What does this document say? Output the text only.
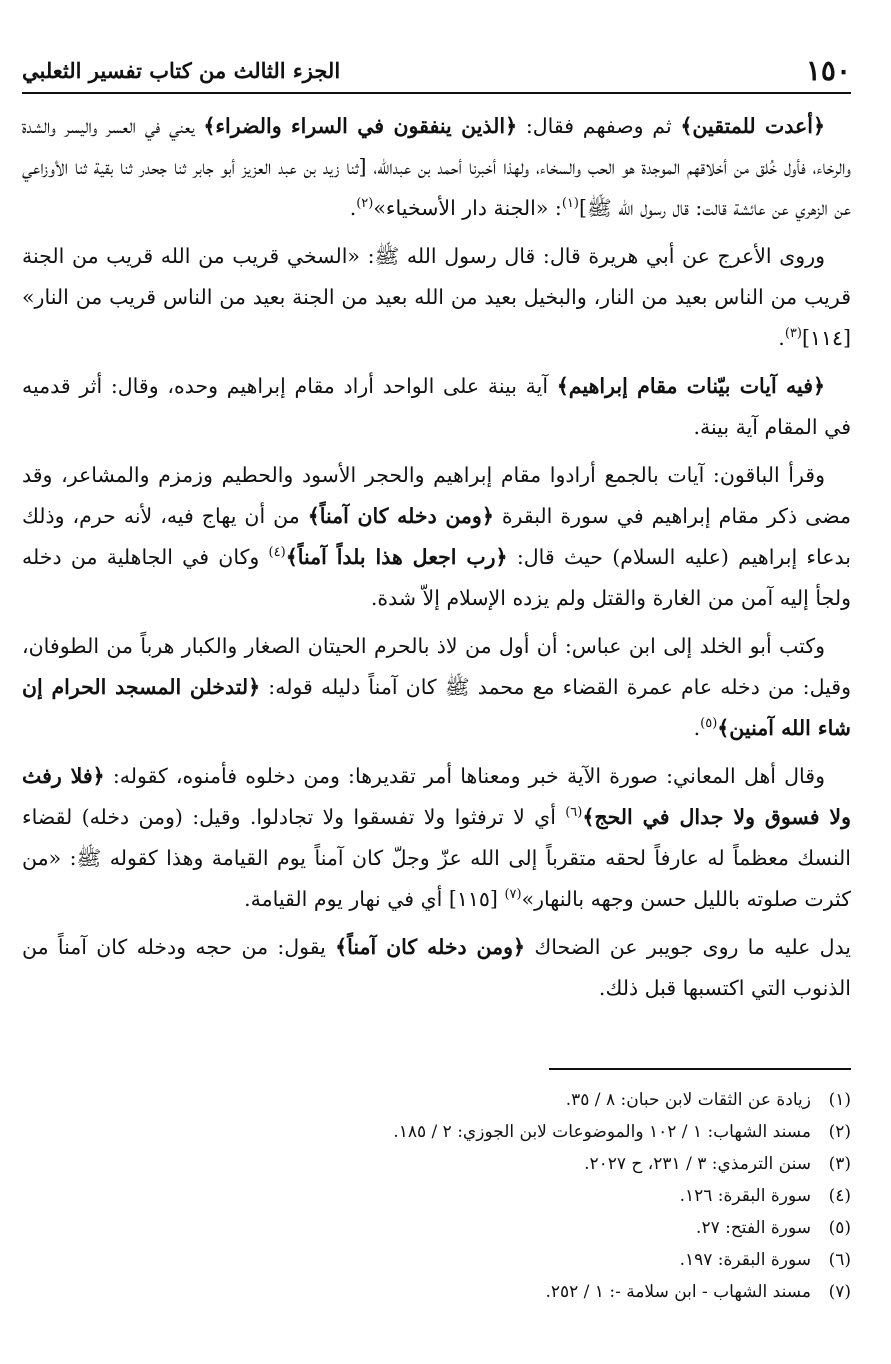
١٥٠
الجزء الثالث من كتاب تفسير الثعلبي

﴿أعدت للمتقين﴾ ثم وصفهم فقال: ﴿الذين ينفقون في السراء والضراء﴾ يعني في العسر واليسر والشدة والرخاء، فأول خُلق من أخلاقهم الموجدة هو الحب والسخاء، ولهذا أخبرنا أحمد بن عبدالله، [ثنا زيد بن عبد العزيز أبو جابر ثنا جحدر ثنا بقية ثنا الأوزاعي عن الزهري عن عائشة قالت: قال رسول الله ﷺ]$^{(١)}$: «الجنة دار الأسخياء»$^{(٢)}$.

وروى الأعرج عن أبي هريرة قال: قال رسول الله ﷺ: «السخي قريب من الله قريب من الجنة قريب من الناس بعيد من النار، والبخيل بعيد من الله بعيد من الجنة بعيد من الناس قريب من النار» [١١٤]$^{(٣)}$.

﴿فيه آيات بيّنات مقام إبراهيم﴾ آية بينة على الواحد أراد مقام إبراهيم وحده، وقال: أثر قدميه في المقام آية بينة.

وقرأ الباقون: آيات بالجمع أرادوا مقام إبراهيم والحجر الأسود والحطيم وزمزم والمشاعر، وقد مضى ذكر مقام إبراهيم في سورة البقرة ﴿ومن دخله كان آمناً﴾ من أن يهاج فيه، لأنه حرم، وذلك بدعاء إبراهيم (عليه السلام) حيث قال: ﴿رب اجعل هذا بلداً آمناً﴾$^{(٤)}$ وكان في الجاهلية من دخله ولجأ إليه آمن من الغارة والقتل ولم يزده الإسلام إلاّ شدة.

وكتب أبو الخلد إلى ابن عباس: أن أول من لاذ بالحرم الحيتان الصغار والكبار هرباً من الطوفان، وقيل: من دخله عام عمرة القضاء مع محمد ﷺ كان آمناً دليله قوله: ﴿لتدخلن المسجد الحرام إن شاء الله آمنين﴾$^{(٥)}$.

وقال أهل المعاني: صورة الآية خبر ومعناها أمر تقديرها: ومن دخلوه فأمنوه، كقوله: ﴿فلا رفث ولا فسوق ولا جدال في الحج﴾$^{(٦)}$ أي لا ترفثوا ولا تفسقوا ولا تجادلوا. وقيل: (ومن دخله) لقضاء النسك معظماً له عارفاً لحقه متقرباً إلى الله عزّ وجلّ كان آمناً يوم القيامة وهذا كقوله ﷺ: «من كثرت صلوته بالليل حسن وجهه بالنهار»$^{(٧)}$ [١١٥] أي في نهار يوم القيامة.

يدل عليه ما روى جويبر عن الضحاك ﴿ومن دخله كان آمناً﴾ يقول: من حجه ودخله كان آمناً من الذنوب التي اكتسبها قبل ذلك.

(١)زيادة عن الثقات لابن حبان: ٨ / ٣٥.
(٢)مسند الشهاب: ١ / ١٠٢ والموضوعات لابن الجوزي: ٢ / ١٨٥.
(٣)سنن الترمذي: ٣ / ٢٣١، ح ٢٠٢٧.
(٤)سورة البقرة: ١٢٦.
(٥)سورة الفتح: ٢٧.
(٦)سورة البقرة: ١٩٧.
(٧)مسند الشهاب - ابن سلامة -: ١ / ٢٥٢.
